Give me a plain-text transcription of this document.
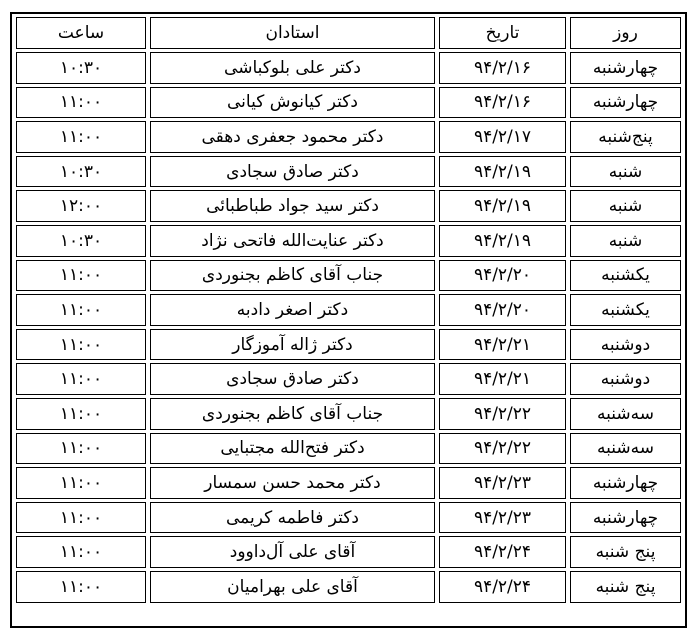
روز	تاریخ	استادان	ساعت
چهارشنبه	۹۴/۲/۱۶	دکتر علی بلوکباشی	۱۰:۳۰
چهارشنبه	۹۴/۲/۱۶	دکتر کیانوش کیانی	۱۱:۰۰
پنج‌شنبه	۹۴/۲/۱۷	دکتر محمود جعفری دهقی	۱۱:۰۰
شنبه	۹۴/۲/۱۹	دکتر صادق سجادی	۱۰:۳۰
شنبه	۹۴/۲/۱۹	دکتر سید جواد طباطبائی	۱۲:۰۰
شنبه	۹۴/۲/۱۹	دکتر عنایت‌الله فاتحی نژاد	۱۰:۳۰
یکشنبه	۹۴/۲/۲۰	جناب آقای کاظم بجنوردی	۱۱:۰۰
یکشنبه	۹۴/۲/۲۰	دکتر اصغر دادبه	۱۱:۰۰
دوشنبه	۹۴/۲/۲۱	دکتر ژاله آموزگار	۱۱:۰۰
دوشنبه	۹۴/۲/۲۱	دکتر صادق سجادی	۱۱:۰۰
سه‌شنبه	۹۴/۲/۲۲	جناب آقای کاظم بجنوردی	۱۱:۰۰
سه‌شنبه	۹۴/۲/۲۲	دکتر فتح‌الله مجتبایی	۱۱:۰۰
چهارشنبه	۹۴/۲/۲۳	دکتر محمد حسن سمسار	۱۱:۰۰
چهارشنبه	۹۴/۲/۲۳	دکتر فاطمه کریمی	۱۱:۰۰
پنج شنبه	۹۴/۲/۲۴	آقای علی آل‌داوود	۱۱:۰۰
پنج شنبه	۹۴/۲/۲۴	آقای علی بهرامیان	۱۱:۰۰
